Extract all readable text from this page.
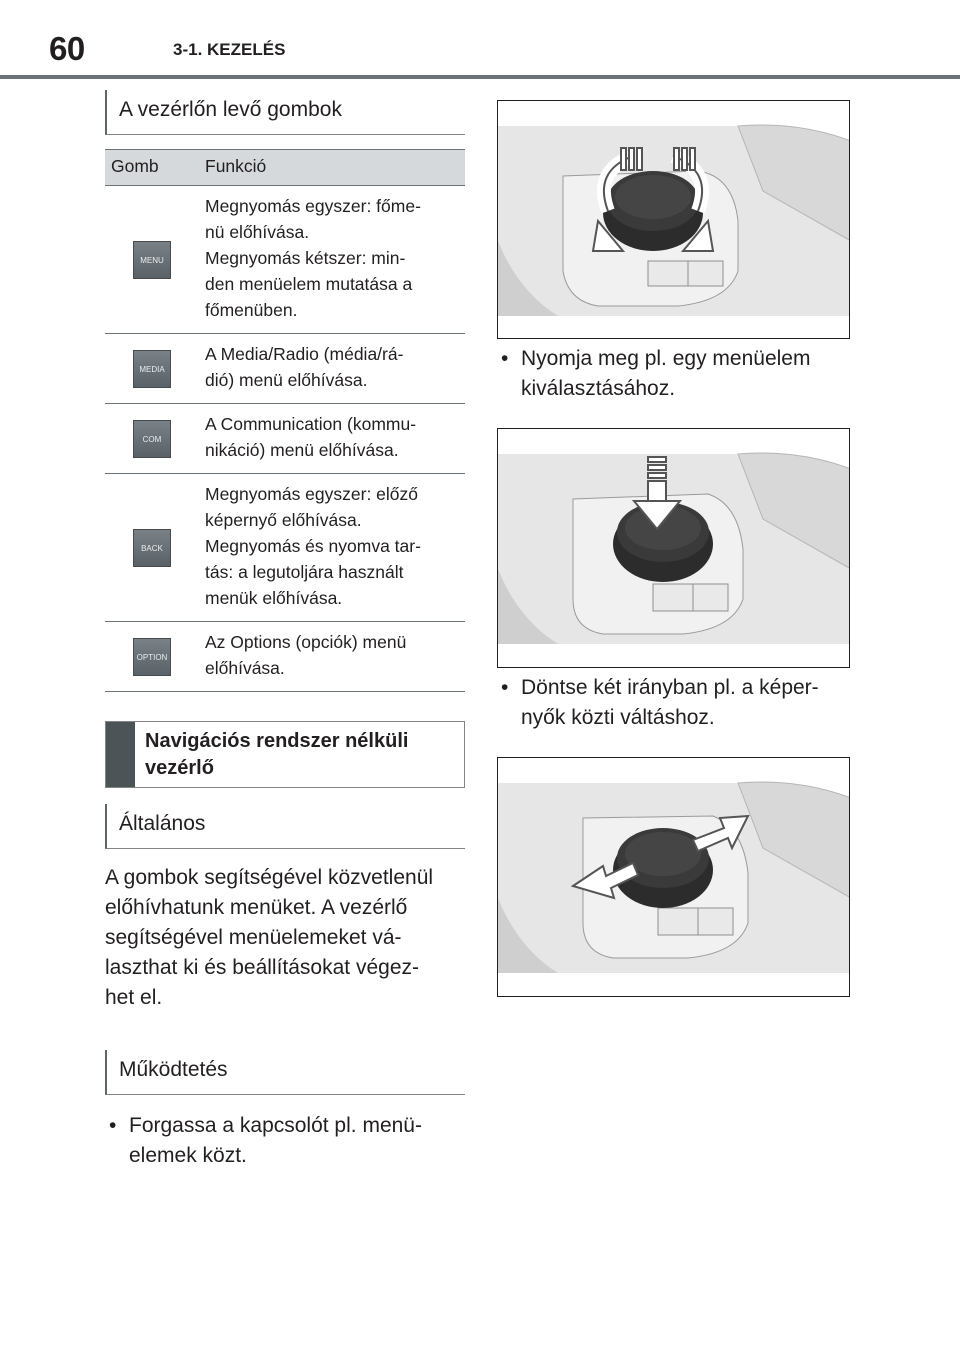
60	3-1. KEZELÉS
A vezérlőn levő gombok
Gomb	Funkció
MENU	Megnyomás egyszer: főme-
nü előhívása.
Megnyomás kétszer: min-
den menüelem mutatása a
főmenüben.

MEDIA	A Media/Radio (média/rá-
dió) menü előhívása.

COM	A Communication (kommu-
nikáció) menü előhívása.

BACK	Megnyomás egyszer: előző
képernyő előhívása.
Megnyomás és nyomva tar-
tás: a legutoljára használt
menük előhívása.

OPTION	Az Options (opciók) menü
előhívása.
Navigációs rendszer nélküli
vezérlő
Általános
A gombok segítségével közvetlenül
előhívhatunk menüket. A vezérlő
segítségével menüelemeket vá-
laszthat ki és beállításokat végez-
het el.
Működtetés
• Forgassa a kapcsolót pl. menü-
elemek közt.
• Nyomja meg pl. egy menüelem
kiválasztásához.
• Döntse két irányban pl. a képer-
nyők közti váltáshoz.
